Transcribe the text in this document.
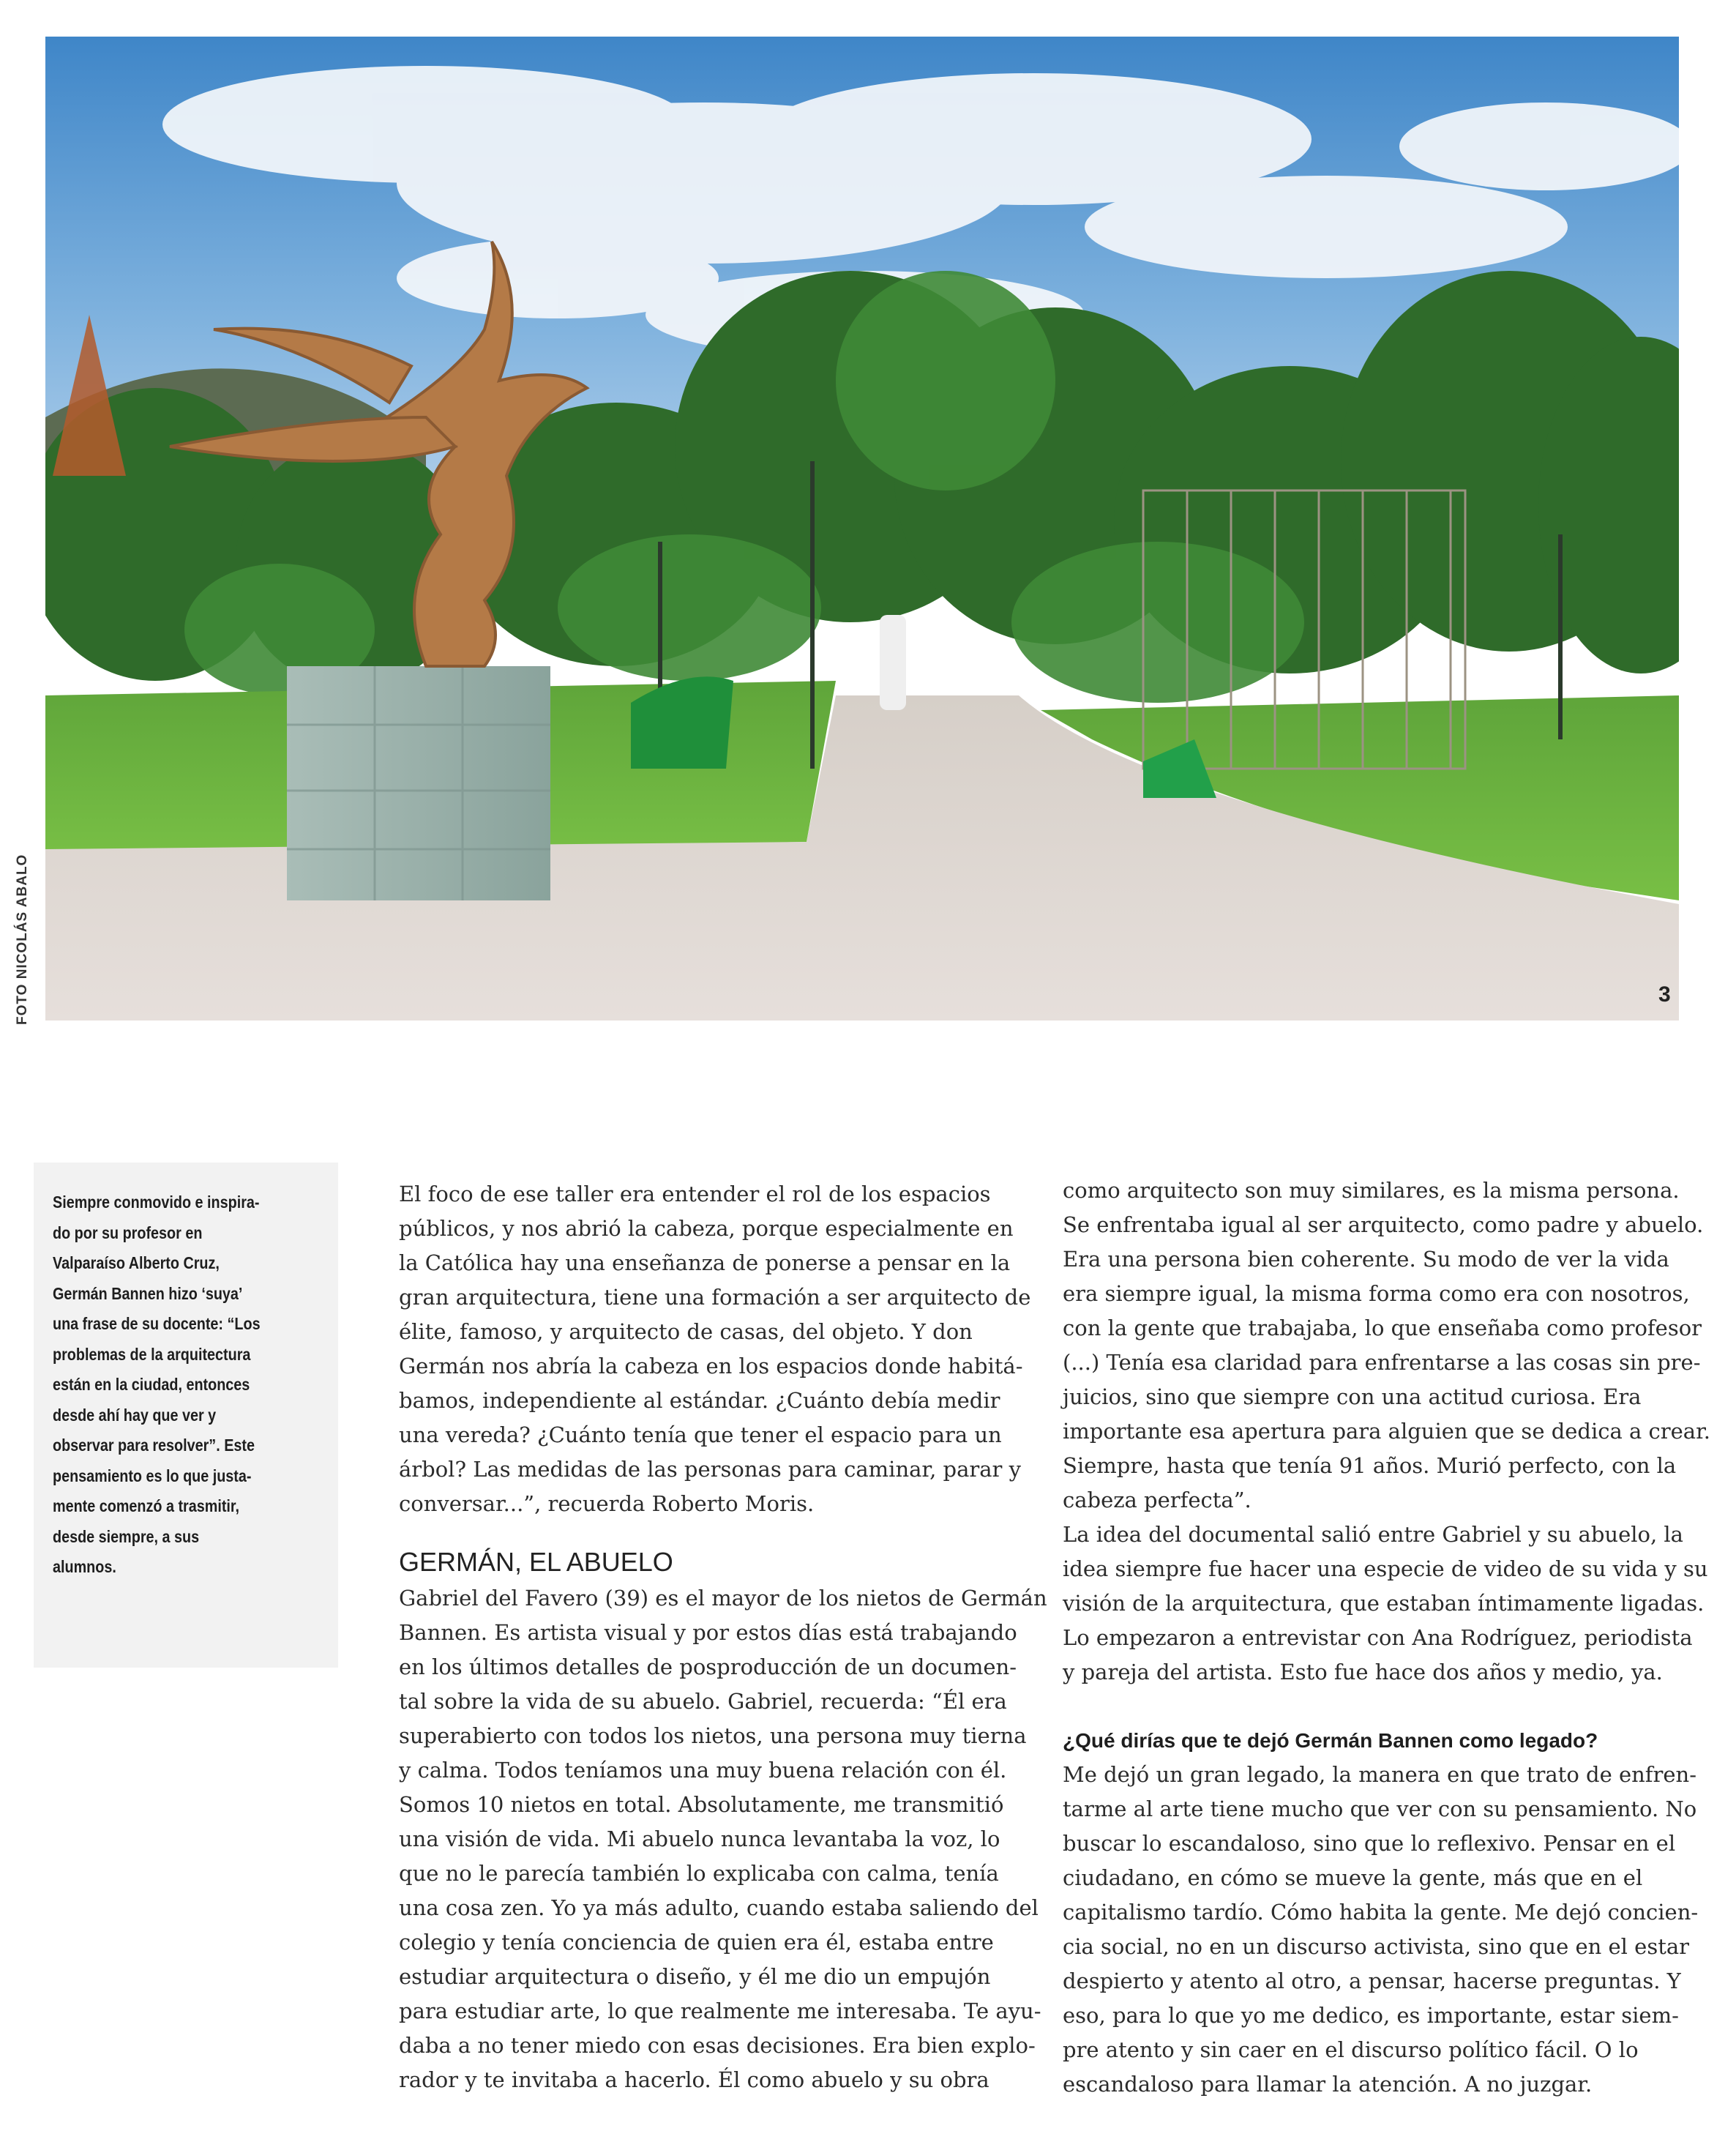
FOTO NICOLÁS ABALO	3
Siempre conmovido e inspira-
do por su profesor en
Valparaíso Alberto Cruz,
Germán Bannen hizo ‘suya’
una frase de su docente: “Los
problemas de la arquitectura
están en la ciudad, entonces
desde ahí hay que ver y
observar para resolver”. Este
pensamiento es lo que justa-
mente comenzó a trasmitir,
desde siempre, a sus
alumnos.
El foco de ese taller era entender el rol de los espacios
públicos, y nos abrió la cabeza, porque especialmente en
la Católica hay una enseñanza de ponerse a pensar en la
gran arquitectura, tiene una formación a ser arquitecto de
élite, famoso, y arquitecto de casas, del objeto. Y don
Germán nos abría la cabeza en los espacios donde habitá-
bamos, independiente al estándar. ¿Cuánto debía medir
una vereda? ¿Cuánto tenía que tener el espacio para un
árbol? Las medidas de las personas para caminar, parar y
conversar...”, recuerda Roberto Moris.
GERMÁN, EL ABUELO
Gabriel del Favero (39) es el mayor de los nietos de Germán
Bannen. Es artista visual y por estos días está trabajando
en los últimos detalles de posproducción de un documen-
tal sobre la vida de su abuelo. Gabriel, recuerda: “Él era
superabierto con todos los nietos, una persona muy tierna
y calma. Todos teníamos una muy buena relación con él.
Somos 10 nietos en total. Absolutamente, me transmitió
una visión de vida. Mi abuelo nunca levantaba la voz, lo
que no le parecía también lo explicaba con calma, tenía
una cosa zen. Yo ya más adulto, cuando estaba saliendo del
colegio y tenía conciencia de quien era él, estaba entre
estudiar arquitectura o diseño, y él me dio un empujón
para estudiar arte, lo que realmente me interesaba. Te ayu-
daba a no tener miedo con esas decisiones. Era bien explo-
rador y te invitaba a hacerlo. Él como abuelo y su obra
como arquitecto son muy similares, es la misma persona.
Se enfrentaba igual al ser arquitecto, como padre y abuelo.
Era una persona bien coherente. Su modo de ver la vida
era siempre igual, la misma forma como era con nosotros,
con la gente que trabajaba, lo que enseñaba como profesor
(...) Tenía esa claridad para enfrentarse a las cosas sin pre-
juicios, sino que siempre con una actitud curiosa. Era
importante esa apertura para alguien que se dedica a crear.
Siempre, hasta que tenía 91 años. Murió perfecto, con la
cabeza perfecta”.
La idea del documental salió entre Gabriel y su abuelo, la
idea siempre fue hacer una especie de video de su vida y su
visión de la arquitectura, que estaban íntimamente ligadas.
Lo empezaron a entrevistar con Ana Rodríguez, periodista
y pareja del artista. Esto fue hace dos años y medio, ya.
¿Qué dirías que te dejó Germán Bannen como legado?
Me dejó un gran legado, la manera en que trato de enfren-
tarme al arte tiene mucho que ver con su pensamiento. No
buscar lo escandaloso, sino que lo reflexivo. Pensar en el
ciudadano, en cómo se mueve la gente, más que en el
capitalismo tardío. Cómo habita la gente. Me dejó concien-
cia social, no en un discurso activista, sino que en el estar
despierto y atento al otro, a pensar, hacerse preguntas. Y
eso, para lo que yo me dedico, es importante, estar siem-
pre atento y sin caer en el discurso político fácil. O lo
escandaloso para llamar la atención. A no juzgar.
